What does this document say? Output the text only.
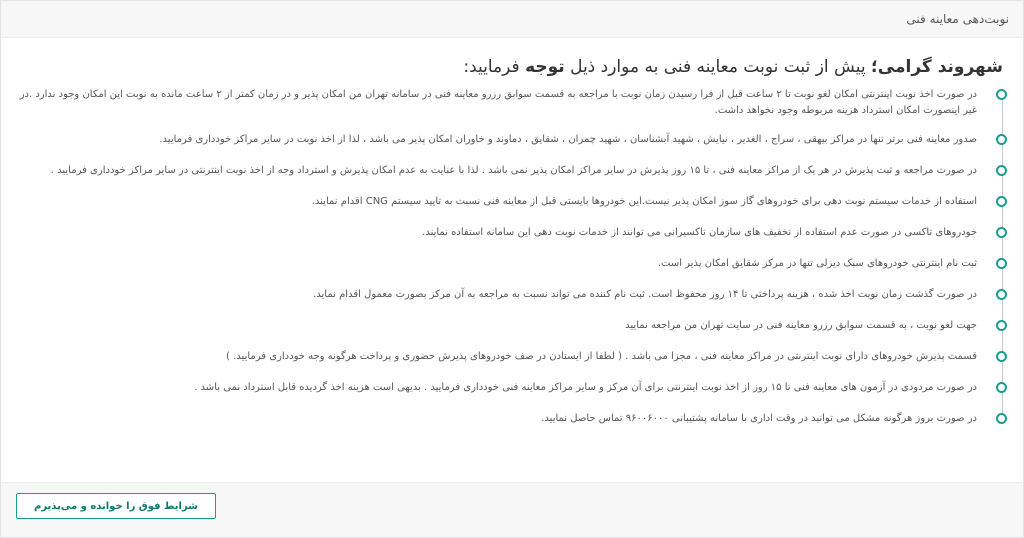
نوبت‌دهی معاینه فنی
شهروند گرامی؛ پیش از ثبت نوبت معاینه فنی به موارد ذیل توجه فرمایید:
در صورت اخذ نوبت اینترنتی امکان لغو نوبت تا ۲ ساعت قبل از فرا رسیدن زمان نوبت با مراجعه به قسمت سوابق رزرو معاینه فنی در سامانه تهران من امکان پذیر و در زمان کمتر از ۲ ساعت مانده به نوبت این امکان وجود ندارد .در غیر اینصورت امکان استرداد هزینه مربوطه وجود نخواهد داشت.
صدور معاینه فنی برتر تنها در مراکز بیهقی ، سراج ، الغدیر ، نیایش ، شهید آبشناسان ، شهید چمران ، شقایق ، دماوند و خاوران امکان پذیر می باشد ، لذا از اخذ نوبت در سایر مراکز خودداری فرمایید.
در صورت مراجعه و ثبت پذیرش در هر یک از مراکز معاینه فنی ، تا ۱۵ روز پذیرش در سایر مراکز امکان پذیر نمی باشد . لذا با عنایت به عدم امکان پذیرش و استرداد وجه از اخذ نوبت اینترنتی در سایر مراکز خودداری فرمایید .
استفاده از خدمات سیستم نوبت دهی برای خودروهای گاز سوز امکان پذیر نیست.این خودروها بایستی قبل از معاینه فنی نسبت به تایید سیستم CNG اقدام نمایند.
خودروهای تاکسی در صورت عدم استفاده از تخفیف های سازمان تاکسیرانی می توانند از خدمات نوبت دهی این سامانه استفاده نمایند.
ثبت نام اینترنتی خودروهای سبک دیزلی تنها در مرکز شقایق امکان پذیر است.
در صورت گذشت زمان نوبت اخذ شده ، هزینه پرداختی تا ۱۴ روز محفوظ است. ثبت نام کننده می تواند نسبت به مراجعه به آن مرکز بصورت معمول اقدام نماید.
جهت لغو نوبت ، به قسمت سوابق رزرو معاینه فنی در سایت تهران من مراجعه نمایید
قسمت پذیرش خودروهای دارای نوبت اینترنتی در مراکز معاینه فنی ، مجزا می باشد . ( لطفا از ایستادن در صف خودروهای پذیرش حضوری و پرداخت هرگونه وجه خودداری فرمایید. )
در صورت مردودی در آزمون های معاینه فنی تا ۱۵ روز از اخذ نوبت اینترنتی برای آن مرکز و سایر مراکز معاینه فنی خودداری فرمایید . بدیهی است هزینه اخذ گردیده قابل استرداد نمی باشد .
در صورت بروز هرگونه مشکل می توانید در وقت اداری با سامانه پشتیبانی ۹۶۰۰۶۰۰۰ تماس حاصل نمایید.
شرایط فوق را خوانده و می‌پذیرم
